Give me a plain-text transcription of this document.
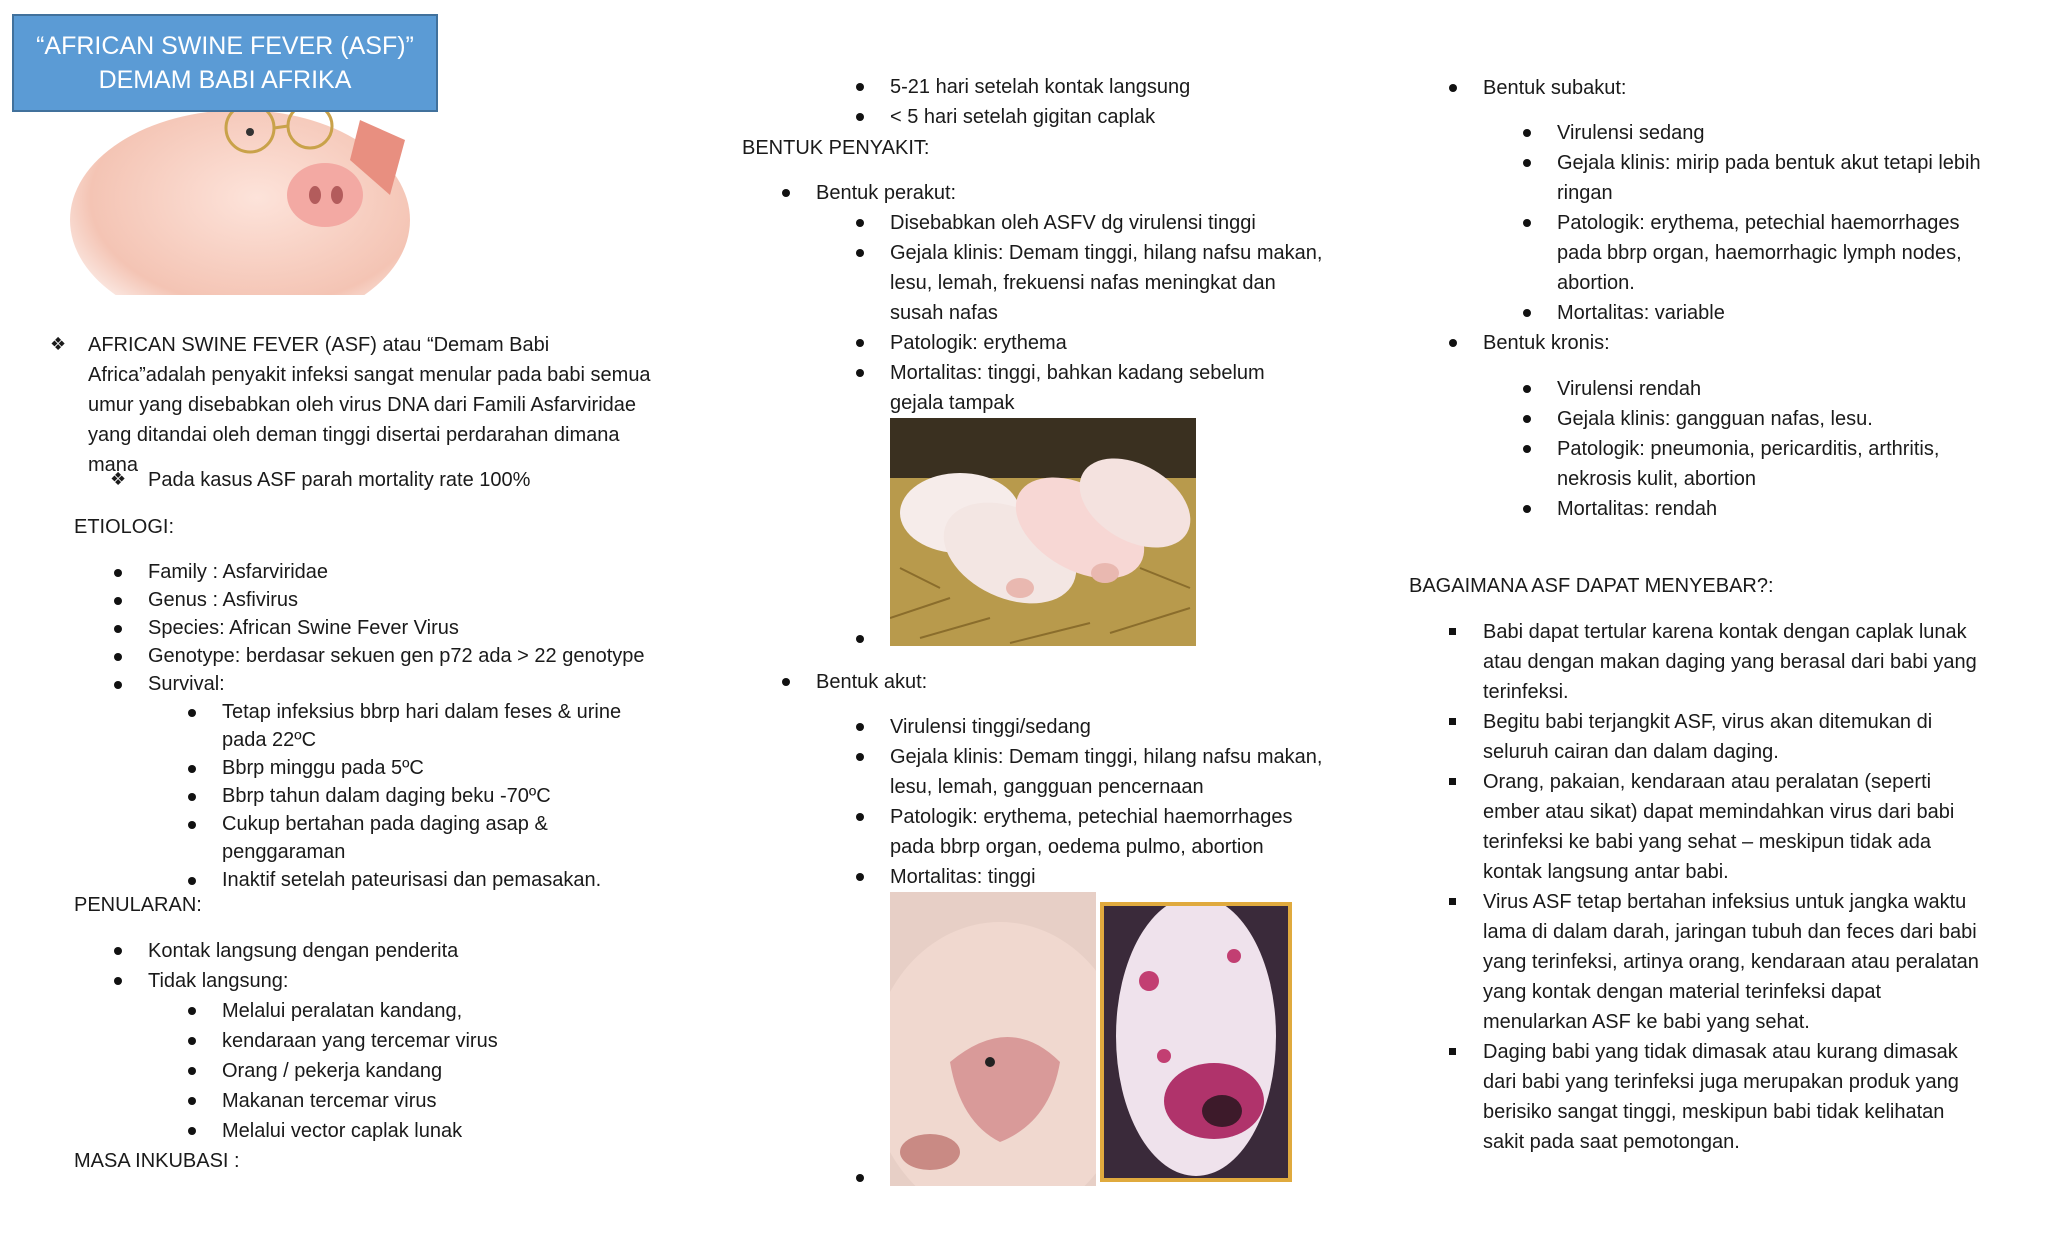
“AFRICAN SWINE FEVER (ASF)”
DEMAM BABI AFRIKA
❖ AFRICAN SWINE FEVER (ASF) atau “Demam Babi Africa”adalah penyakit infeksi sangat menular pada babi semua umur yang disebabkan oleh virus DNA dari Famili Asfarviridae yang ditandai oleh deman tinggi disertai perdarahan dimana mana
❖ Pada kasus ASF parah mortality rate 100%
ETIOLOGI:
Family : Asfarviridae
Genus : Asfivirus
Species: African Swine Fever Virus
Genotype: berdasar sekuen gen p72 ada > 22 genotype
Survival:
Tetap infeksius bbrp hari dalam feses & urine
pada 22ºC
Bbrp minggu pada 5ºC
Bbrp tahun dalam daging beku -70ºC
Cukup bertahan pada daging asap &
penggaraman
Inaktif setelah pateurisasi dan pemasakan.
PENULARAN:
Kontak langsung dengan penderita
Tidak langsung:
Melalui peralatan kandang,
kendaraan yang tercemar virus
Orang / pekerja kandang
Makanan tercemar virus
Melalui vector caplak lunak
MASA INKUBASI :
5-21 hari setelah kontak langsung
< 5 hari setelah gigitan caplak
BENTUK PENYAKIT:
Bentuk perakut:
Disebabkan oleh ASFV dg virulensi tinggi
Gejala klinis: Demam tinggi, hilang nafsu makan,
lesu, lemah, frekuensi nafas meningkat dan
susah nafas
Patologik: erythema
Mortalitas: tinggi, bahkan kadang sebelum
gejala tampak
Bentuk akut:
Virulensi tinggi/sedang
Gejala klinis: Demam tinggi, hilang nafsu makan,
lesu, lemah, gangguan pencernaan
Patologik: erythema, petechial haemorrhages
pada bbrp organ, oedema pulmo, abortion
Mortalitas: tinggi
Bentuk subakut:
Virulensi sedang
Gejala klinis: mirip pada bentuk akut tetapi lebih
ringan
Patologik: erythema, petechial haemorrhages
pada bbrp organ, haemorrhagic lymph nodes,
abortion.
Mortalitas: variable
Bentuk kronis:
Virulensi rendah
Gejala klinis: gangguan nafas, lesu.
Patologik: pneumonia, pericarditis, arthritis,
nekrosis kulit, abortion
Mortalitas: rendah
BAGAIMANA ASF DAPAT MENYEBAR?:
Babi dapat tertular karena kontak dengan caplak lunak
atau dengan makan daging yang berasal dari babi yang
terinfeksi.
Begitu babi terjangkit ASF, virus akan ditemukan di
seluruh cairan dan dalam daging.
Orang, pakaian, kendaraan atau peralatan (seperti
ember atau sikat) dapat memindahkan virus dari babi
terinfeksi ke babi yang sehat – meskipun tidak ada
kontak langsung antar babi.
Virus ASF tetap bertahan infeksius untuk jangka waktu
lama di dalam darah, jaringan tubuh dan feces dari babi
yang terinfeksi, artinya orang, kendaraan atau peralatan
yang kontak dengan material terinfeksi dapat
menularkan ASF ke babi yang sehat.
Daging babi yang tidak dimasak atau kurang dimasak
dari babi yang terinfeksi juga merupakan produk yang
berisiko sangat tinggi, meskipun babi tidak kelihatan
sakit pada saat pemotongan.
